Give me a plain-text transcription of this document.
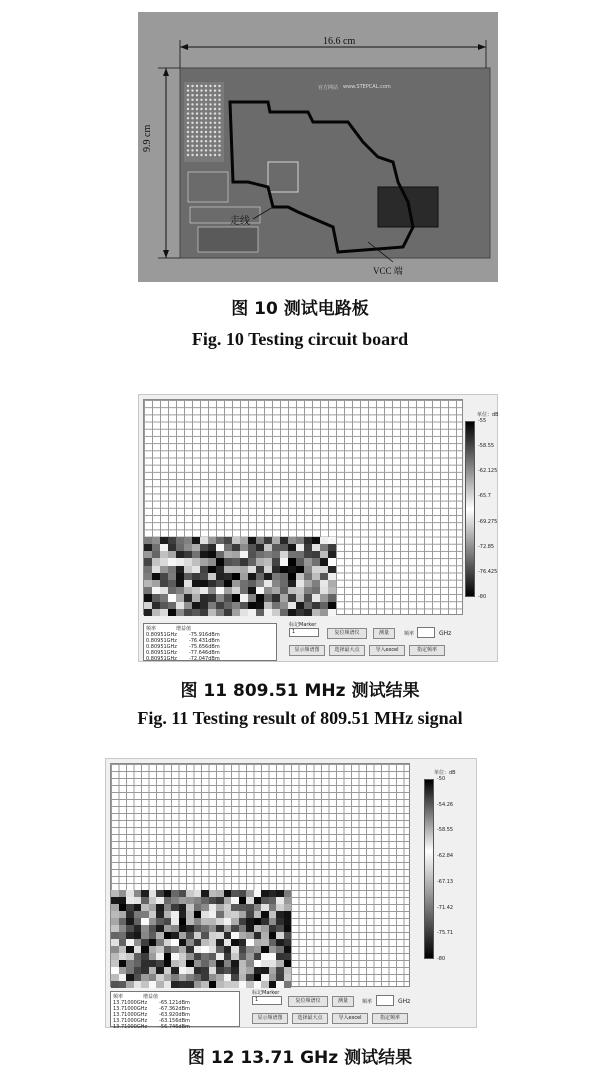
16.6 cm
9.9 cm
走线
VCC 端
官方网站 www.STEPCAL.com
图 10 测试电路板
Fig. 10 Testing circuit board
单位：dB
-55
-58.55
-62.125
-65.7
-69.275
-72.85
-76.425
-80
频率	增益值
0.80951GHz -75.916dBm
0.80951GHz -76.431dBm
0.80951GHz -75.656dBm
0.80951GHz -77.646dBm
0.80951GHz -72.047dBm
标记Marker
1	复位频谱仪	测量	频率	GHz
显示频谱图	选择最大点	导入excel	指定频率
图 11 809.51 MHz 测试结果
Fig. 11 Testing result of 809.51 MHz signal
单位：dB
-50
-54.26
-58.55
-62.84
-67.13
-71.42
-75.71
-80
频率	增益值
13.71000GHz -65.121dBm
13.71000GHz -67.362dBm
13.71000GHz -63.920dBm
13.71000GHz -63.156dBm
13.71000GHz -56.746dBm
标记Marker
1	复位频谱仪	测量	频率	GHz
显示频谱图	选择最大点	导入excel	指定频率
图 12 13.71 GHz 测试结果
